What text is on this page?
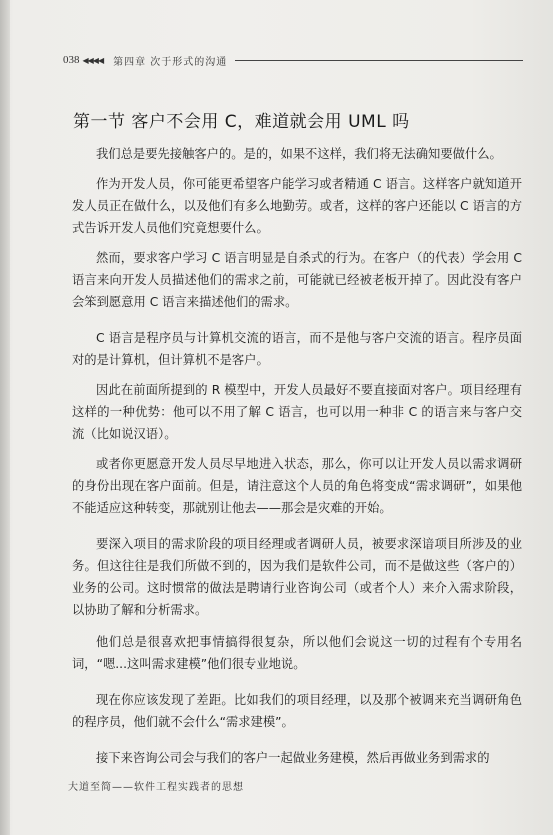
038 ◀◀◀◀ 第四章 次于形式的沟通
第一节 客户不会用 C，难道就会用 UML 吗

我们总是要先接触客户的。是的，如果不这样，我们将无法确知要做什么。

作为开发人员，你可能更希望客户能学习或者精通 C 语言。这样客户就知道开发人员正在做什么，以及他们有多么地勤劳。或者，这样的客户还能以 C 语言的方式告诉开发人员他们究竟想要什么。

然而，要求客户学习 C 语言明显是自杀式的行为。在客户（的代表）学会用 C 语言来向开发人员描述他们的需求之前，可能就已经被老板开掉了。因此没有客户会笨到愿意用 C 语言来描述他们的需求。

C 语言是程序员与计算机交流的语言，而不是他与客户交流的语言。程序员面对的是计算机，但计算机不是客户。

因此在前面所提到的 R 模型中，开发人员最好不要直接面对客户。项目经理有这样的一种优势：他可以不用了解 C 语言，也可以用一种非 C 的语言来与客户交流（比如说汉语）。

或者你更愿意开发人员尽早地进入状态，那么，你可以让开发人员以需求调研的身份出现在客户面前。但是，请注意这个人员的角色将变成“需求调研”，如果他不能适应这种转变，那就别让他去——那会是灾难的开始。

要深入项目的需求阶段的项目经理或者调研人员，被要求深谙项目所涉及的业务。但这往往是我们所做不到的，因为我们是软件公司，而不是做这些（客户的）业务的公司。这时惯常的做法是聘请行业咨询公司（或者个人）来介入需求阶段，以协助了解和分析需求。

他们总是很喜欢把事情搞得很复杂，所以他们会说这一切的过程有个专用名词，“嗯...这叫需求建模”他们很专业地说。

现在你应该发现了差距。比如我们的项目经理，以及那个被调来充当调研角色的程序员，他们就不会什么“需求建模”。

接下来咨询公司会与我们的客户一起做业务建模，然后再做业务到需求的

大道至简——软件工程实践者的思想
